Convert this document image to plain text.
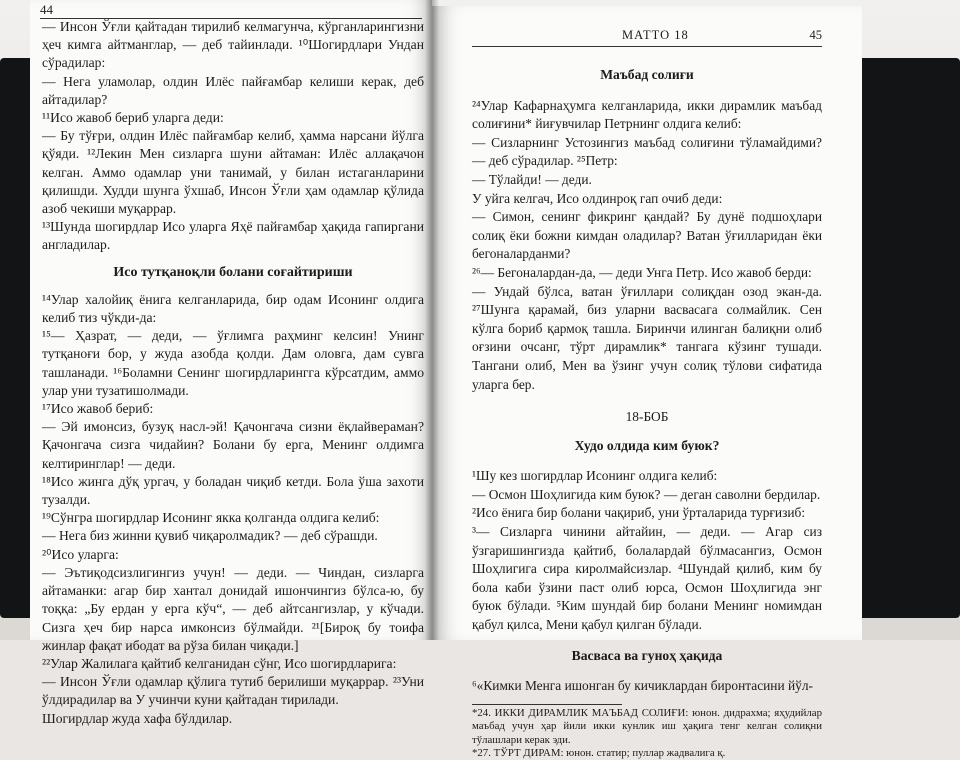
44

— Инсон Ўғли қайтадан тирилиб келмагунча, кўрганларингизни ҳеч кимга айтманглар, — деб тайинлади. ¹⁰Шогирдлари Ундан сўрадилар:

— Нега уламолар, олдин Илёс пайғамбар келиши керак, деб айтадилар?

¹¹Исо жавоб бериб уларга деди:

— Бу тўғри, олдин Илёс пайғамбар келиб, ҳамма нарсани йўлга қўяди. ¹²Лекин Мен сизларга шуни айтаман: Илёс аллақачон келган. Аммо одамлар уни танимай, у билан истаганларини қилишди. Худди шунга ўхшаб, Инсон Ўғли ҳам одамлар қўлида азоб чекиши муқаррар.

¹³Шунда шогирдлар Исо уларга Яҳё пайғамбар ҳақида гапиргани англадилар.

Исо тутқаноқли болани соғайтириши

¹⁴Улар халойиқ ёнига келганларида, бир одам Исонинг олдига келиб тиз чўкди-да:

¹⁵— Ҳазрат, — деди, — ўғлимга раҳминг келсин! Унинг тутқаноғи бор, у жуда азобда қолди. Дам оловга, дам сувга ташланади. ¹⁶Боламни Сенинг шогирдларингга кўрсатдим, аммо улар уни тузатишолмади.

¹⁷Исо жавоб бериб:

— Эй имонсиз, бузуқ насл-эй! Қачонгача сизни ёқлайвераман? Қачонгача сизга чидайин? Болани бу ерга, Менинг олдимга келтиринглар! — деди.

¹⁸Исо жинга дўқ ургач, у боладан чиқиб кетди. Бола ўша захоти тузалди.

¹⁹Сўнгра шогирдлар Исонинг якка қолганда олдига келиб:

— Нега биз жинни қувиб чиқаролмадик? — деб сўрашди.

²⁰Исо уларга:

— Эътиқодсизлигингиз учун! — деди. — Чиндан, сизларга айтаманки: агар бир хантал донидай ишончингиз бўлса-ю, бу тоққа: „Бу ердан у ерга кўч“, — деб айтсангизлар, у кўчади. Сизга ҳеч бир нарса имконсиз бўлмайди. ²¹[Бироқ бу тоифа жинлар фақат ибодат ва рўза билан чиқади.]

²²Улар Жалилага қайтиб келганидан сўнг, Исо шогирдларига:

— Инсон Ўғли одамлар қўлига тутиб берилиши муқаррар. ²³Уни ўлдирадилар ва У учинчи куни қайтадан тирилади.

Шогирдлар жуда хафа бўлдилар.

МАТТО 18	45
Маъбад солиғи

²⁴Улар Кафарнаҳумга келганларида, икки дирамлик маъбад солиғини* йиғувчилар Петрнинг олдига келиб:

— Сизларнинг Устозингиз маъбад солиғини тўламайдими? — деб сўрадилар. ²⁵Петр:

— Тўлайди! — деди.

У уйга келгач, Исо олдинроқ гап очиб деди:

— Симон, сенинг фикринг қандай? Бу дунё подшоҳлари солиқ ёки божни кимдан оладилар? Ватан ўғилларидан ёки бегоналарданми?

²⁶— Бегоналардан-да, — деди Унга Петр. Исо жавоб берди:

— Ундай бўлса, ватан ўғиллари солиқдан озод экан-да. ²⁷Шунга қарамай, биз уларни васвасага солмайлик. Сен кўлга бориб қармоқ ташла. Биринчи илинган балиқни олиб оғзини очсанг, тўрт дирамлик* тангага кўзинг тушади. Тангани олиб, Мен ва ўзинг учун солиқ тўлови сифатида уларга бер.

18-БОБ
Худо олдида ким буюк?

¹Шу кез шогирдлар Исонинг олдига келиб:

— Осмон Шоҳлигида ким буюк? — деган саволни бердилар.

²Исо ёнига бир болани чақириб, уни ўрталарида турғизиб:

³— Сизларга чинини айтайин, — деди. — Агар сиз ўзгаришингизда қайтиб, болалардай бўлмасангиз, Осмон Шоҳлигига сира киролмайсизлар. ⁴Шундай қилиб, ким бу бола каби ўзини паст олиб юрса, Осмон Шоҳлигида энг буюк бўлади. ⁵Ким шундай бир болани Менинг номимдан қабул қилса, Мени қабул қилган бўлади.

Васваса ва гуноҳ ҳақида

⁶«Кимки Менга ишонган бу кичиклардан биронтасини йўл-

*24. ИККИ ДИРАМЛИК МАЪБАД СОЛИҒИ: юнон. дидрахма; яҳудийлар маъбад учун ҳар йили икки кунлик иш ҳақига тенг келган солиқни тўлашлари керак эди.

*27. ТЎРТ ДИРАМ: юнон. статир; пуллар жадвалига қ.
